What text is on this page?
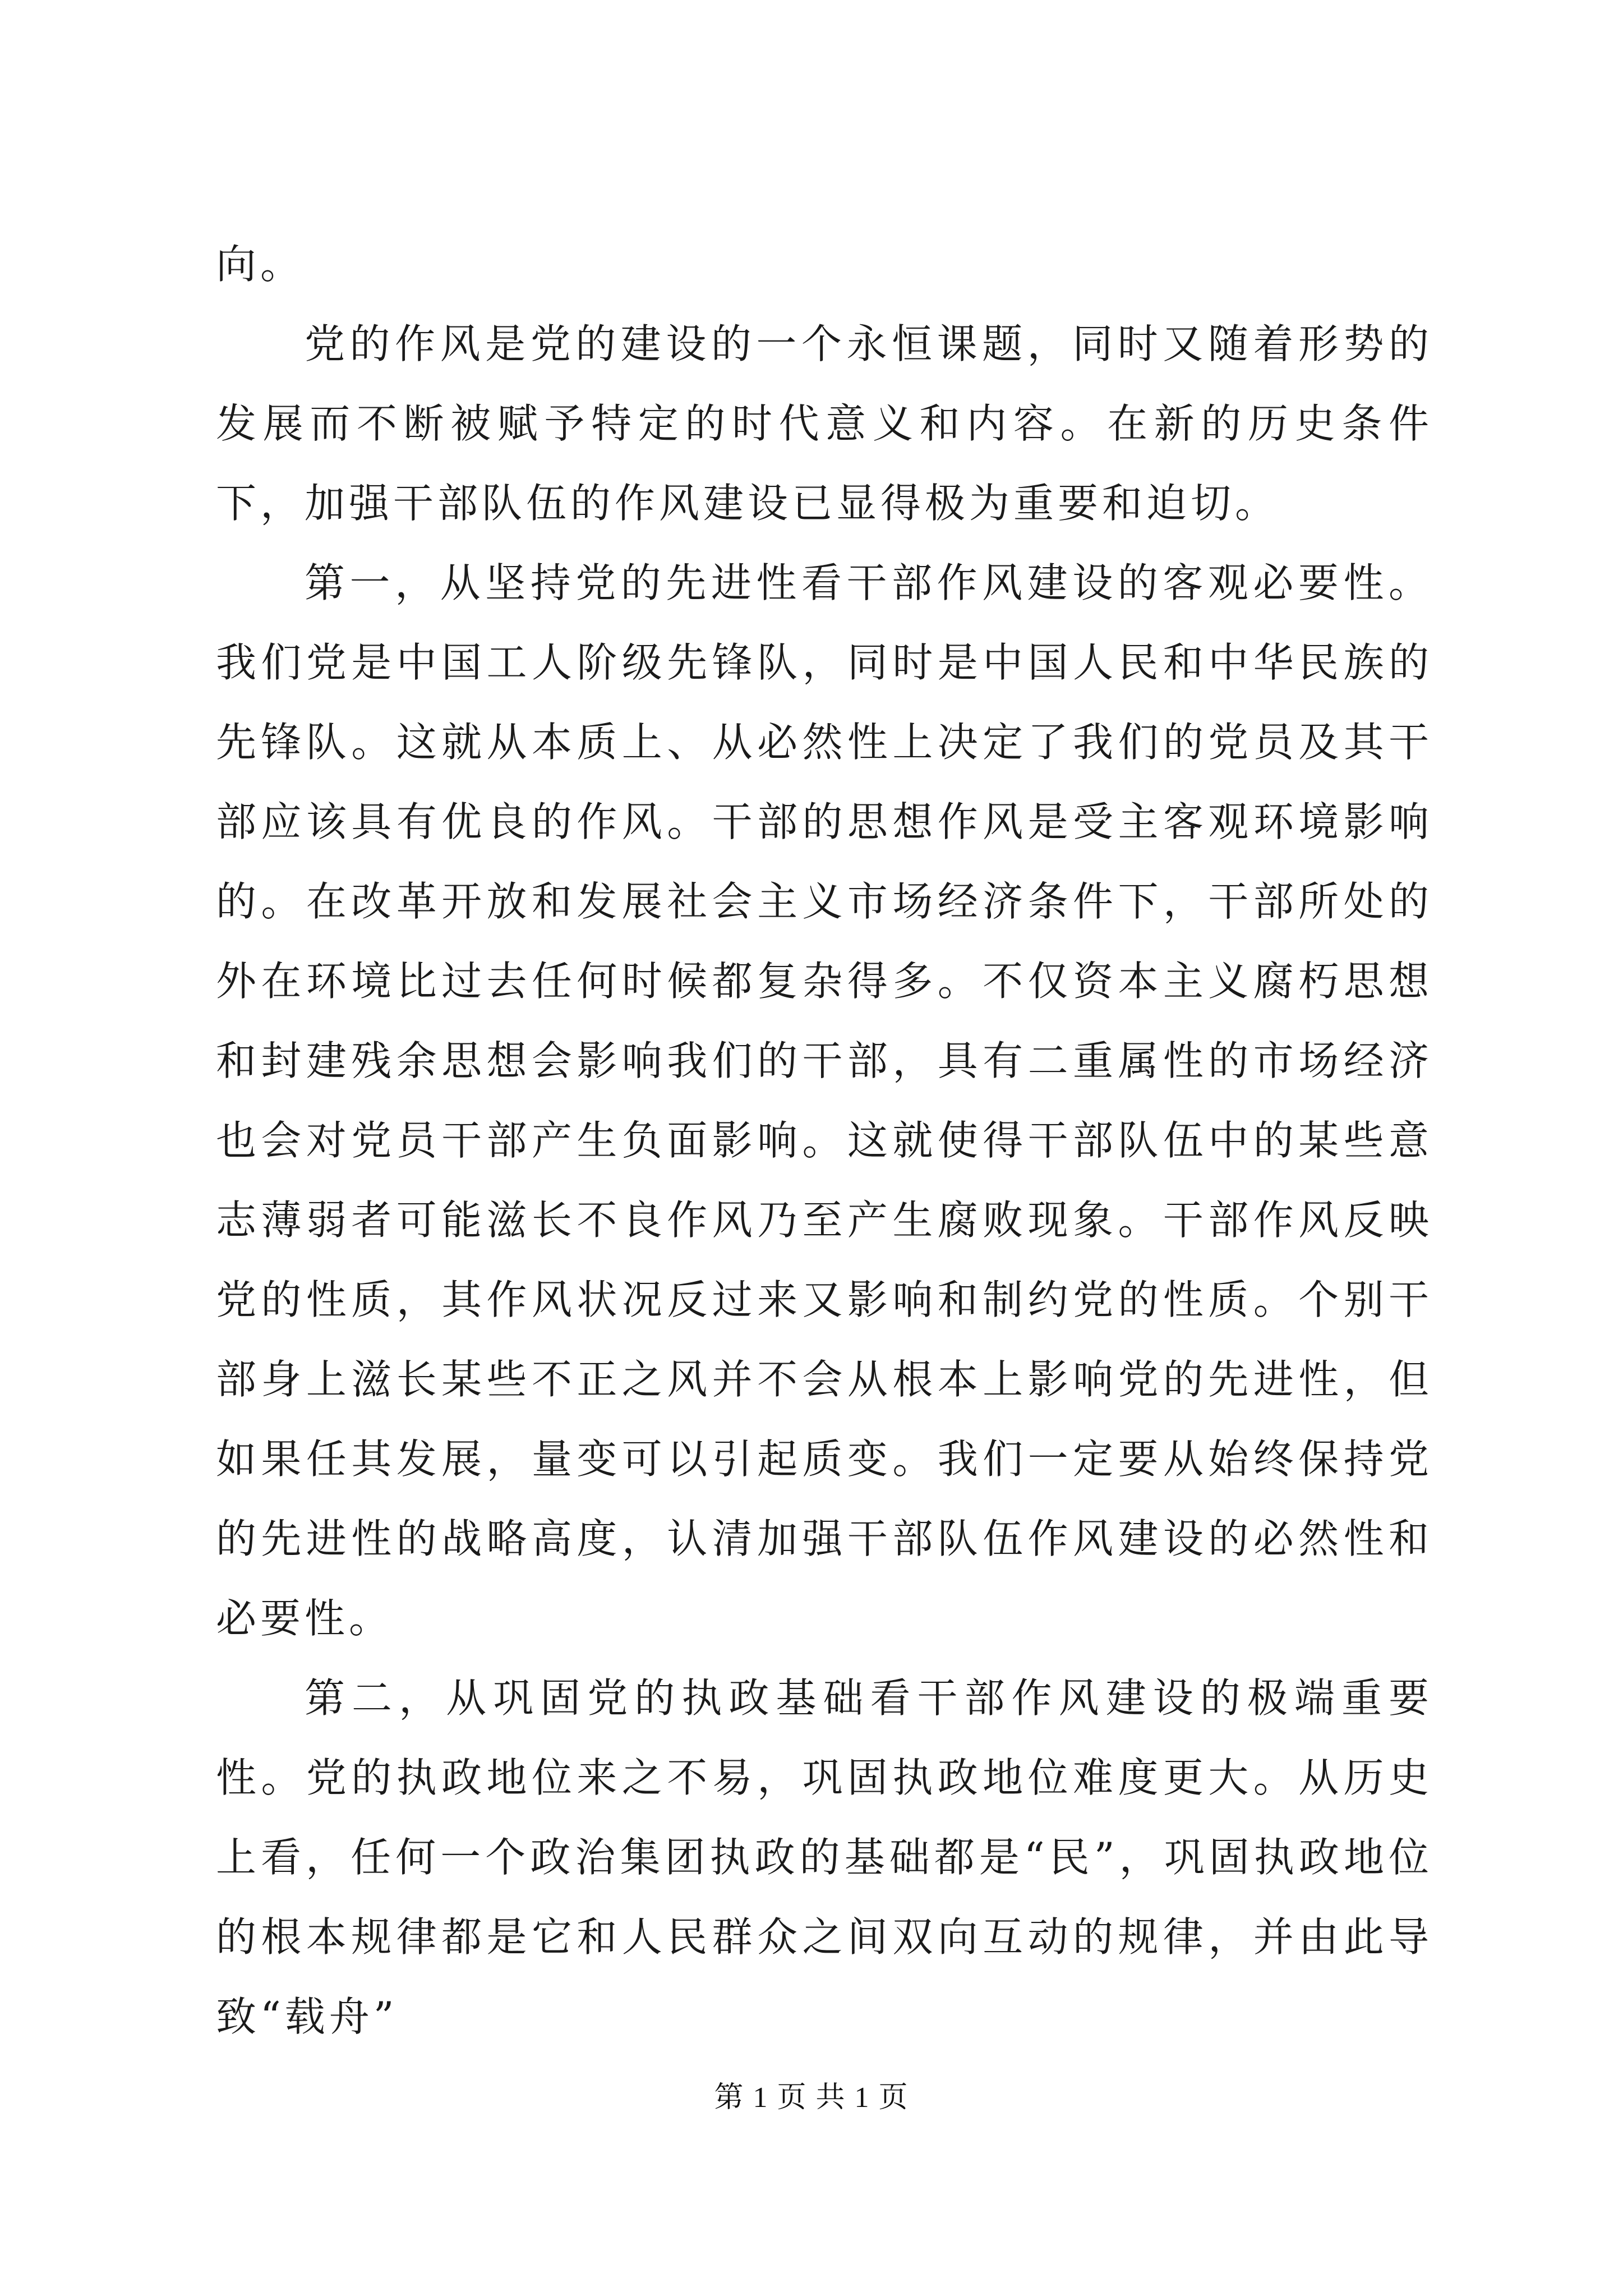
向。

党的作风是党的建设的一个永恒课题，同时又随着形势的发展而不断被赋予特定的时代意义和内容。在新的历史条件下，加强干部队伍的作风建设已显得极为重要和迫切。

第一，从坚持党的先进性看干部作风建设的客观必要性。我们党是中国工人阶级先锋队，同时是中国人民和中华民族的先锋队。这就从本质上、从必然性上决定了我们的党员及其干部应该具有优良的作风。干部的思想作风是受主客观环境影响的。在改革开放和发展社会主义市场经济条件下，干部所处的外在环境比过去任何时候都复杂得多。不仅资本主义腐朽思想和封建残余思想会影响我们的干部，具有二重属性的市场经济也会对党员干部产生负面影响。这就使得干部队伍中的某些意志薄弱者可能滋长不良作风乃至产生腐败现象。干部作风反映党的性质，其作风状况反过来又影响和制约党的性质。个别干部身上滋长某些不正之风并不会从根本上影响党的先进性，但如果任其发展，量变可以引起质变。我们一定要从始终保持党的先进性的战略高度，认清加强干部队伍作风建设的必然性和必要性。

第二，从巩固党的执政基础看干部作风建设的极端重要性。党的执政地位来之不易，巩固执政地位难度更大。从历史上看，任何一个政治集团执政的基础都是“民”，巩固执政地位的根本规律都是它和人民群众之间双向互动的规律，并由此导致“载舟”

第 1 页 共 1 页
